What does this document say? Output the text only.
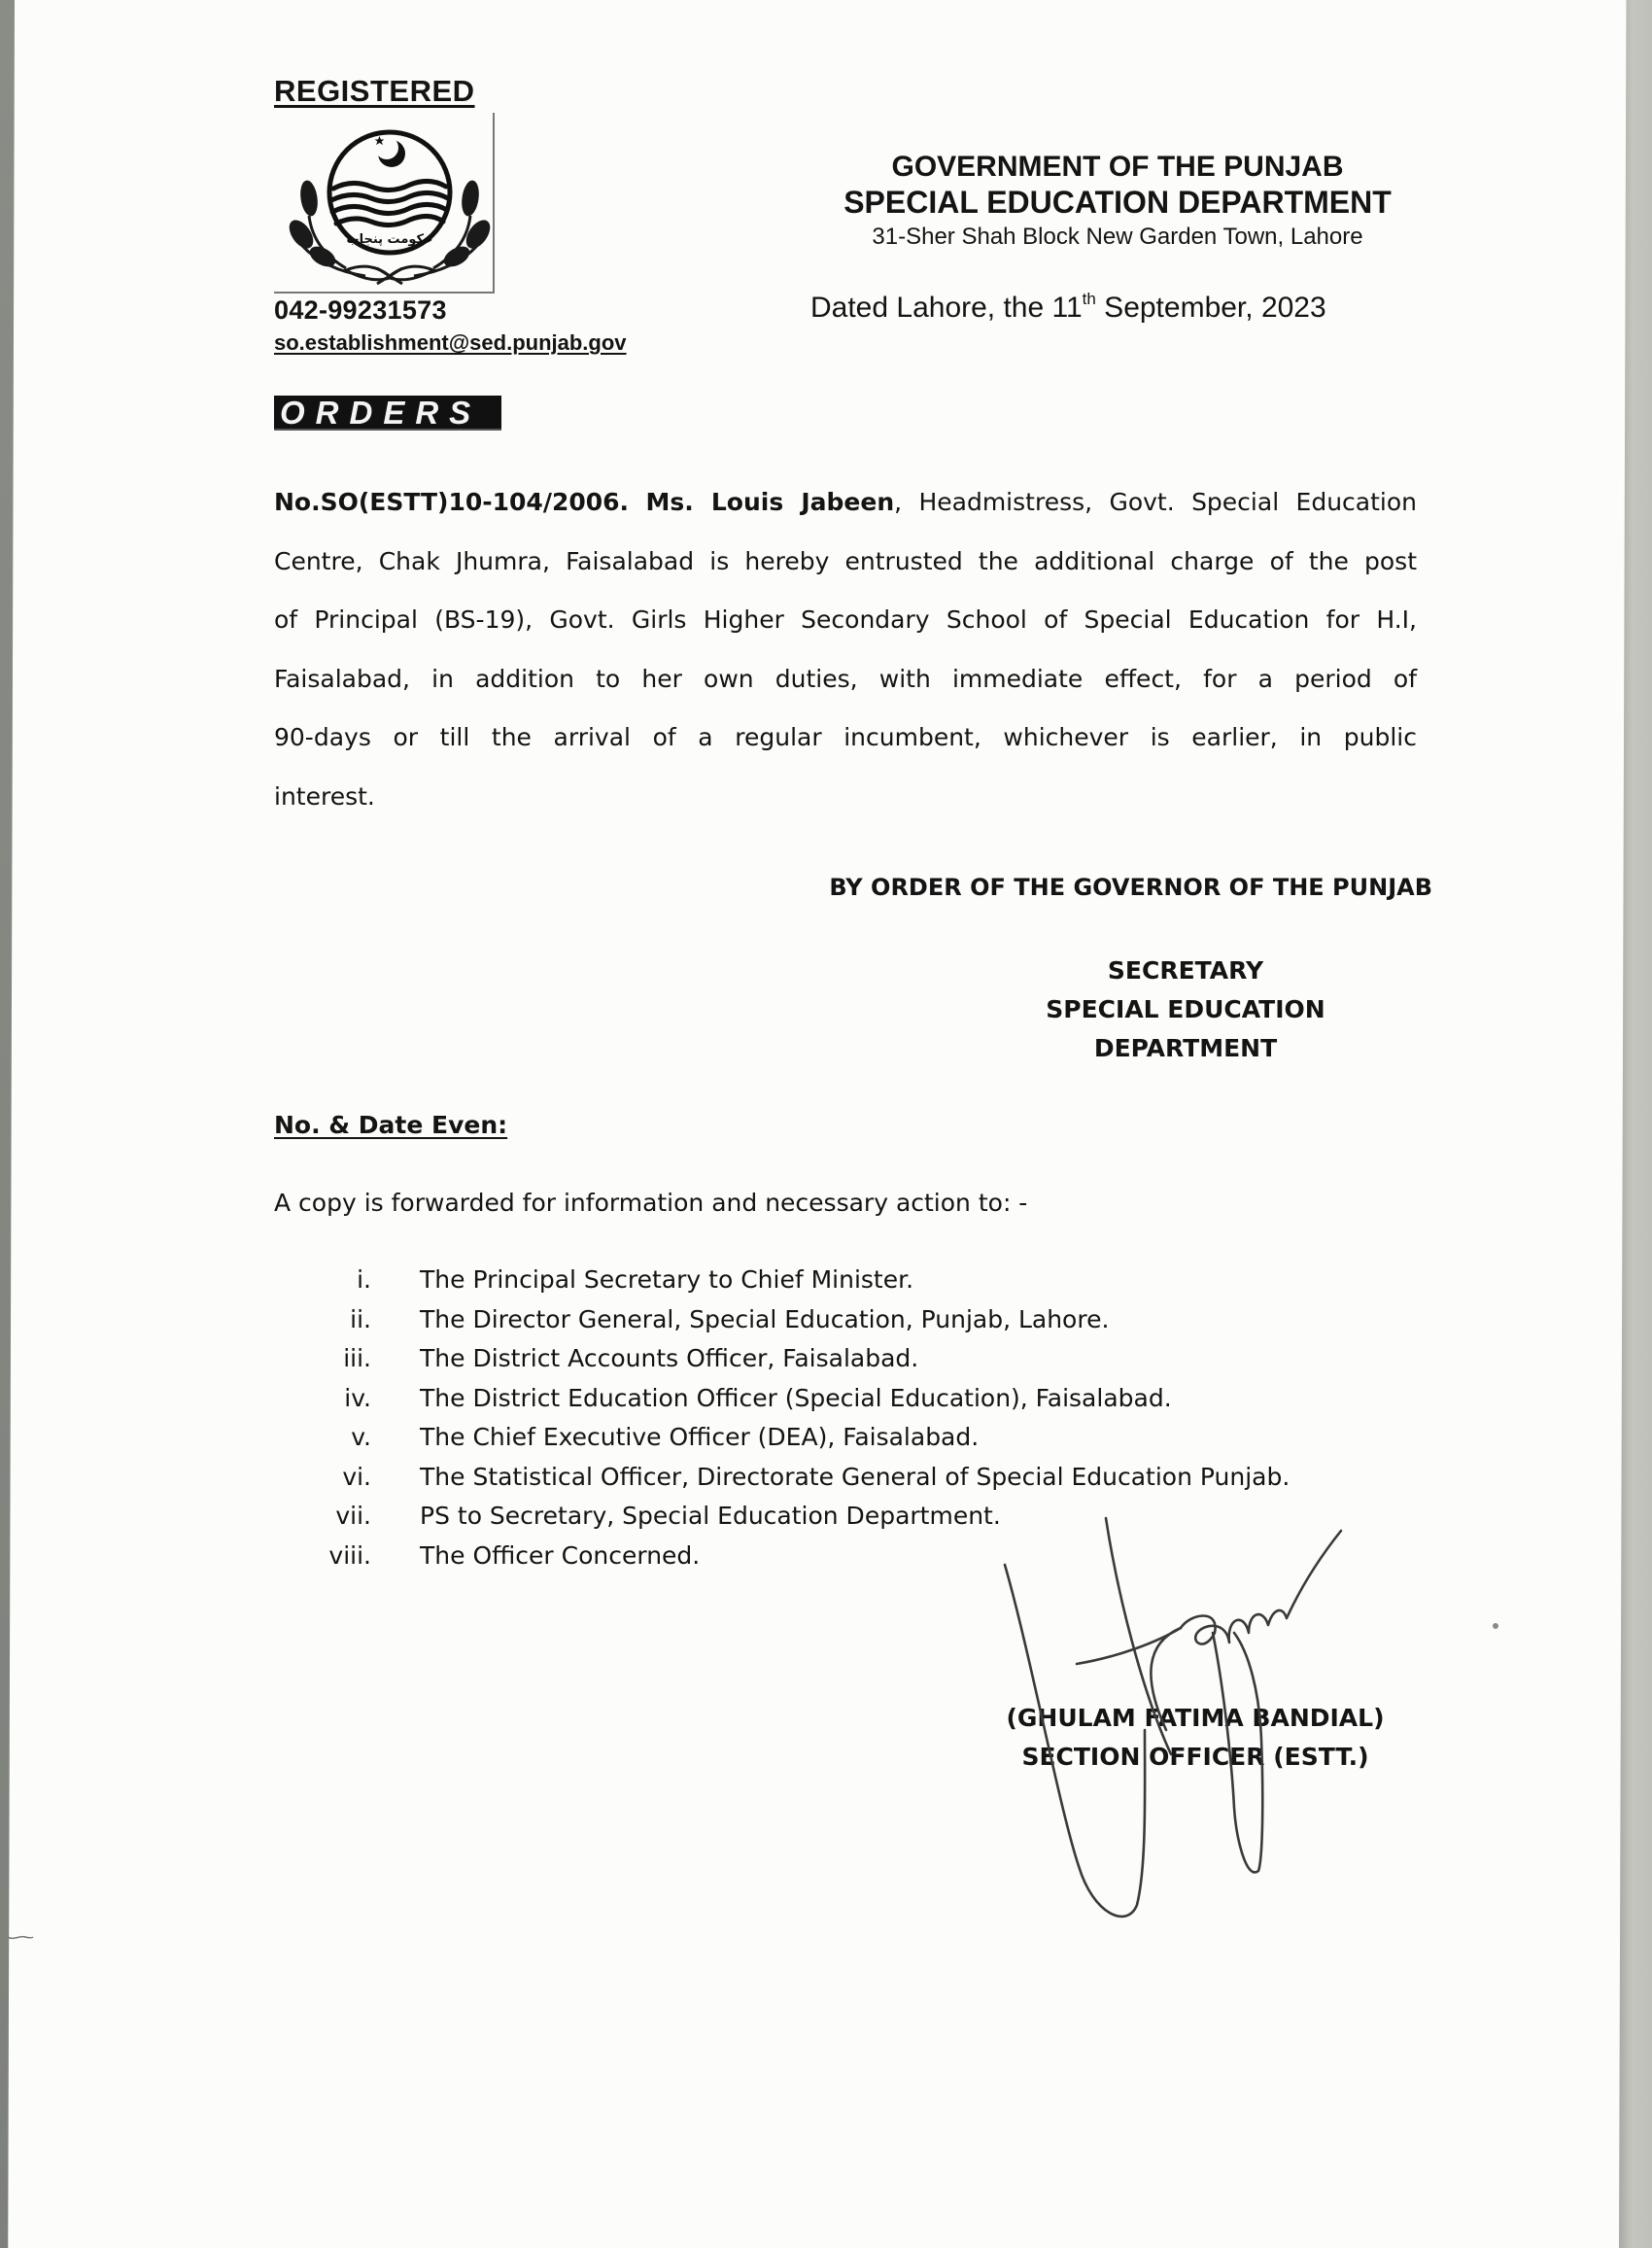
REGISTERED
حکومت پنجاب
042-99231573
so.establishment@sed.punjab.gov
GOVERNMENT OF THE PUNJAB
SPECIAL EDUCATION DEPARTMENT
31-Sher Shah Block New Garden Town, Lahore
Dated Lahore, the 11th September, 2023
ORDERS
No.SO(ESTT)10-104/2006. Ms. Louis Jabeen, Headmistress, Govt. Special Education
Centre, Chak Jhumra, Faisalabad is hereby entrusted the additional charge of the post
of Principal (BS-19), Govt. Girls Higher Secondary School of Special Education for H.I,
Faisalabad, in addition to her own duties, with immediate effect, for a period of
90-days or till the arrival of a regular incumbent, whichever is earlier, in public
interest.
BY ORDER OF THE GOVERNOR OF THE PUNJAB
SECRETARY
SPECIAL EDUCATION
DEPARTMENT
No. & Date Even:
A copy is forwarded for information and necessary action to: -
i.	The Principal Secretary to Chief Minister.
ii.	The Director General, Special Education, Punjab, Lahore.
iii.	The District Accounts Officer, Faisalabad.
iv.	The District Education Officer (Special Education), Faisalabad.
v.	The Chief Executive Officer (DEA), Faisalabad.
vi.	The Statistical Officer, Directorate General of Special Education Punjab.
vii.	PS to Secretary, Special Education Department.
viii.	The Officer Concerned.
(GHULAM FATIMA BANDIAL)
SECTION OFFICER (ESTT.)
